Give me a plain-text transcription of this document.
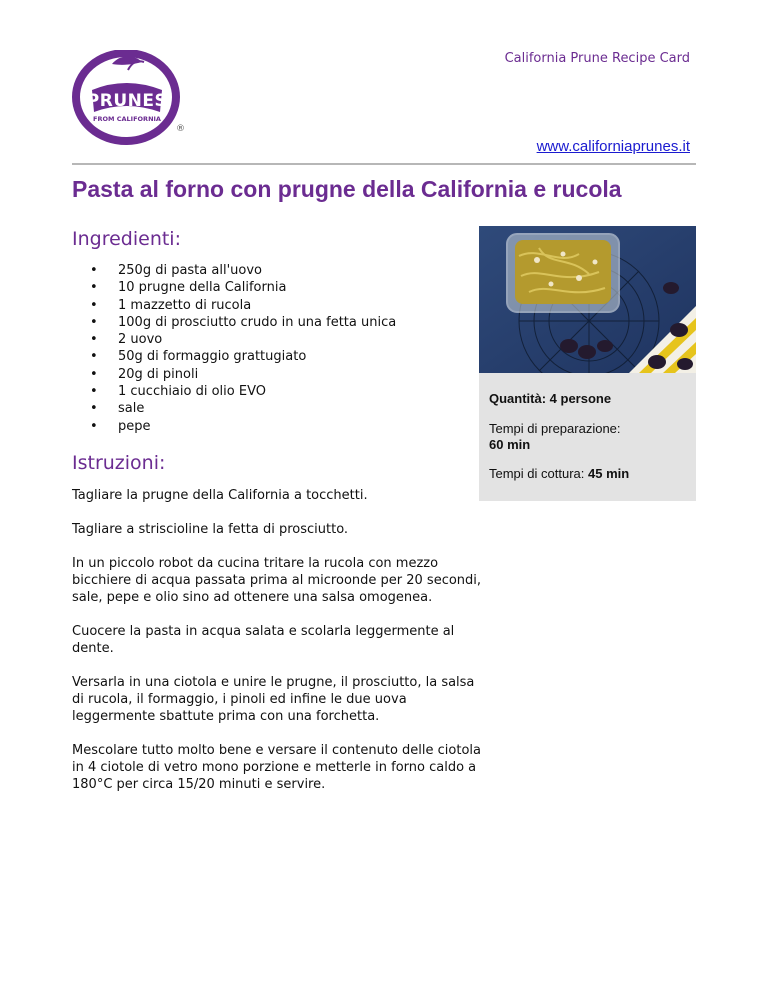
PRUNES
FROM CALIFORNIA
®
California Prune Recipe Card
www.californiaprunes.it
Pasta al forno con prugne della California e rucola
Ingredienti:
• 250g di pasta all'uovo
• 10 prugne della California
• 1 mazzetto di rucola
• 100g di prosciutto crudo in una fetta unica
• 2 uovo
• 50g di formaggio grattugiato
• 20g di pinoli
• 1 cucchiaio di olio EVO
• sale
• pepe
Istruzioni:

Tagliare la prugne della California a tocchetti.

Tagliare a striscioline la fetta di prosciutto.

In un piccolo robot da cucina tritare la rucola con mezzo bicchiere di acqua passata prima al microonde per 20 secondi, sale, pepe e olio sino ad ottenere una salsa omogenea.

Cuocere la pasta in acqua salata e scolarla leggermente al dente.

Versarla in una ciotola e unire le prugne, il prosciutto, la salsa di rucola, il formaggio, i pinoli ed infine le due uova leggermente sbattute prima con una forchetta.

Mescolare tutto molto bene e versare il contenuto delle ciotola in 4 ciotole di vetro mono porzione e metterle in forno caldo a 180°C per circa 15/20 minuti e servire.

Quantità: 4 persone
Tempi di preparazione:
60 min
Tempi di cottura: 45 min
